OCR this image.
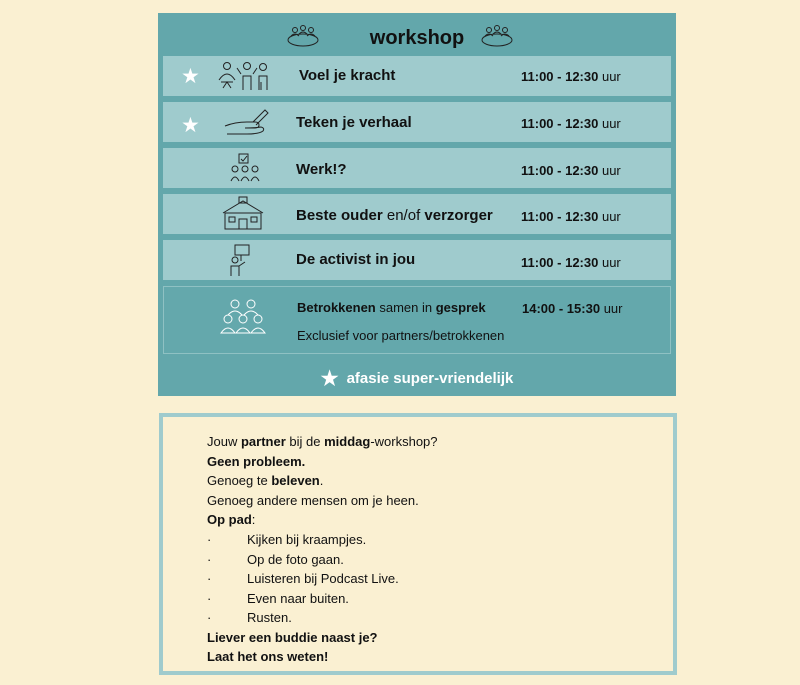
workshop
★	Voel je kracht	11:00 - 12:30 uur
★	Teken je verhaal	11:00 - 12:30 uur
Werk!?	11:00 - 12:30 uur
Beste ouder en/of verzorger 11:00 - 12:30 uur
De activist in jou	11:00 - 12:30 uur
Betrokkenen samen in gesprek	14:00 - 15:30 uur
Exclusief voor partners/betrokkenen
★ afasie super-vriendelijk
Jouw partner bij de middag-workshop?
Geen probleem.
Genoeg te beleven.
Genoeg andere mensen om je heen.
Op pad:
·	Kijken bij kraampjes.
·	Op de foto gaan.
·	Luisteren bij Podcast Live.
·	Even naar buiten.
·	Rusten.
Liever een buddie naast je?
Laat het ons weten!
